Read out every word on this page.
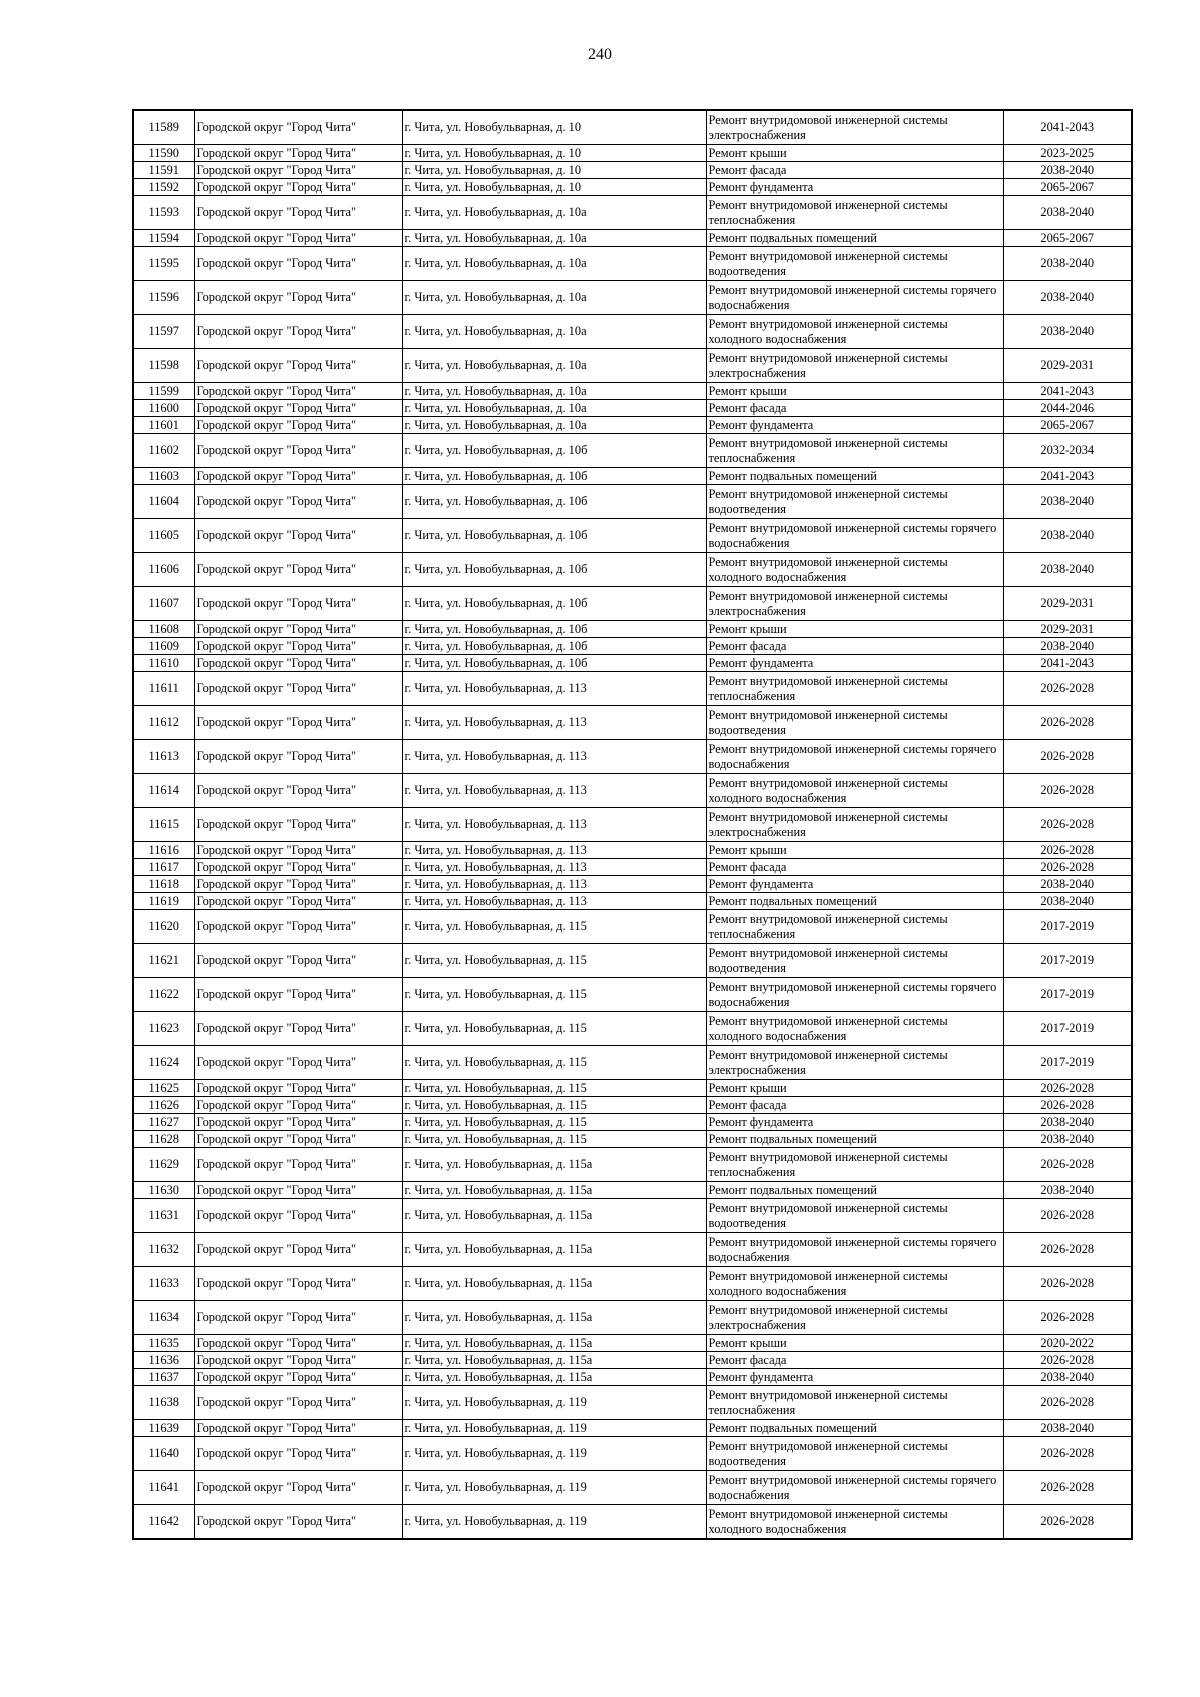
240
11589	Городской округ "Город Чита"	г. Чита, ул. Новобульварная, д. 10	Ремонт внутридомовой инженерной системы электроснабжения	2041-2043
11590	Городской округ "Город Чита"	г. Чита, ул. Новобульварная, д. 10	Ремонт крыши	2023-2025
11591	Городской округ "Город Чита"	г. Чита, ул. Новобульварная, д. 10	Ремонт фасада	2038-2040
11592	Городской округ "Город Чита"	г. Чита, ул. Новобульварная, д. 10	Ремонт фундамента	2065-2067
11593	Городской округ "Город Чита"	г. Чита, ул. Новобульварная, д. 10а	Ремонт внутридомовой инженерной системы теплоснабжения	2038-2040
11594	Городской округ "Город Чита"	г. Чита, ул. Новобульварная, д. 10а	Ремонт подвальных помещений	2065-2067
11595	Городской округ "Город Чита"	г. Чита, ул. Новобульварная, д. 10а	Ремонт внутридомовой инженерной системы водоотведения	2038-2040
11596	Городской округ "Город Чита"	г. Чита, ул. Новобульварная, д. 10а	Ремонт внутридомовой инженерной системы горячего водоснабжения	2038-2040
11597	Городской округ "Город Чита"	г. Чита, ул. Новобульварная, д. 10а	Ремонт внутридомовой инженерной системы холодного водоснабжения	2038-2040
11598	Городской округ "Город Чита"	г. Чита, ул. Новобульварная, д. 10а	Ремонт внутридомовой инженерной системы электроснабжения	2029-2031
11599	Городской округ "Город Чита"	г. Чита, ул. Новобульварная, д. 10а	Ремонт крыши	2041-2043
11600	Городской округ "Город Чита"	г. Чита, ул. Новобульварная, д. 10а	Ремонт фасада	2044-2046
11601	Городской округ "Город Чита"	г. Чита, ул. Новобульварная, д. 10а	Ремонт фундамента	2065-2067
11602	Городской округ "Город Чита"	г. Чита, ул. Новобульварная, д. 10б	Ремонт внутридомовой инженерной системы теплоснабжения	2032-2034
11603	Городской округ "Город Чита"	г. Чита, ул. Новобульварная, д. 10б	Ремонт подвальных помещений	2041-2043
11604	Городской округ "Город Чита"	г. Чита, ул. Новобульварная, д. 10б	Ремонт внутридомовой инженерной системы водоотведения	2038-2040
11605	Городской округ "Город Чита"	г. Чита, ул. Новобульварная, д. 10б	Ремонт внутридомовой инженерной системы горячего водоснабжения	2038-2040
11606	Городской округ "Город Чита"	г. Чита, ул. Новобульварная, д. 10б	Ремонт внутридомовой инженерной системы холодного водоснабжения	2038-2040
11607	Городской округ "Город Чита"	г. Чита, ул. Новобульварная, д. 10б	Ремонт внутридомовой инженерной системы электроснабжения	2029-2031
11608	Городской округ "Город Чита"	г. Чита, ул. Новобульварная, д. 10б	Ремонт крыши	2029-2031
11609	Городской округ "Город Чита"	г. Чита, ул. Новобульварная, д. 10б	Ремонт фасада	2038-2040
11610	Городской округ "Город Чита"	г. Чита, ул. Новобульварная, д. 10б	Ремонт фундамента	2041-2043
11611	Городской округ "Город Чита"	г. Чита, ул. Новобульварная, д. 113	Ремонт внутридомовой инженерной системы теплоснабжения	2026-2028
11612	Городской округ "Город Чита"	г. Чита, ул. Новобульварная, д. 113	Ремонт внутридомовой инженерной системы водоотведения	2026-2028
11613	Городской округ "Город Чита"	г. Чита, ул. Новобульварная, д. 113	Ремонт внутридомовой инженерной системы горячего водоснабжения	2026-2028
11614	Городской округ "Город Чита"	г. Чита, ул. Новобульварная, д. 113	Ремонт внутридомовой инженерной системы холодного водоснабжения	2026-2028
11615	Городской округ "Город Чита"	г. Чита, ул. Новобульварная, д. 113	Ремонт внутридомовой инженерной системы электроснабжения	2026-2028
11616	Городской округ "Город Чита"	г. Чита, ул. Новобульварная, д. 113	Ремонт крыши	2026-2028
11617	Городской округ "Город Чита"	г. Чита, ул. Новобульварная, д. 113	Ремонт фасада	2026-2028
11618	Городской округ "Город Чита"	г. Чита, ул. Новобульварная, д. 113	Ремонт фундамента	2038-2040
11619	Городской округ "Город Чита"	г. Чита, ул. Новобульварная, д. 113	Ремонт подвальных помещений	2038-2040
11620	Городской округ "Город Чита"	г. Чита, ул. Новобульварная, д. 115	Ремонт внутридомовой инженерной системы теплоснабжения	2017-2019
11621	Городской округ "Город Чита"	г. Чита, ул. Новобульварная, д. 115	Ремонт внутридомовой инженерной системы водоотведения	2017-2019
11622	Городской округ "Город Чита"	г. Чита, ул. Новобульварная, д. 115	Ремонт внутридомовой инженерной системы горячего водоснабжения	2017-2019
11623	Городской округ "Город Чита"	г. Чита, ул. Новобульварная, д. 115	Ремонт внутридомовой инженерной системы холодного водоснабжения	2017-2019
11624	Городской округ "Город Чита"	г. Чита, ул. Новобульварная, д. 115	Ремонт внутридомовой инженерной системы электроснабжения	2017-2019
11625	Городской округ "Город Чита"	г. Чита, ул. Новобульварная, д. 115	Ремонт крыши	2026-2028
11626	Городской округ "Город Чита"	г. Чита, ул. Новобульварная, д. 115	Ремонт фасада	2026-2028
11627	Городской округ "Город Чита"	г. Чита, ул. Новобульварная, д. 115	Ремонт фундамента	2038-2040
11628	Городской округ "Город Чита"	г. Чита, ул. Новобульварная, д. 115	Ремонт подвальных помещений	2038-2040
11629	Городской округ "Город Чита"	г. Чита, ул. Новобульварная, д. 115а	Ремонт внутридомовой инженерной системы теплоснабжения	2026-2028
11630	Городской округ "Город Чита"	г. Чита, ул. Новобульварная, д. 115а	Ремонт подвальных помещений	2038-2040
11631	Городской округ "Город Чита"	г. Чита, ул. Новобульварная, д. 115а	Ремонт внутридомовой инженерной системы водоотведения	2026-2028
11632	Городской округ "Город Чита"	г. Чита, ул. Новобульварная, д. 115а	Ремонт внутридомовой инженерной системы горячего водоснабжения	2026-2028
11633	Городской округ "Город Чита"	г. Чита, ул. Новобульварная, д. 115а	Ремонт внутридомовой инженерной системы холодного водоснабжения	2026-2028
11634	Городской округ "Город Чита"	г. Чита, ул. Новобульварная, д. 115а	Ремонт внутридомовой инженерной системы электроснабжения	2026-2028
11635	Городской округ "Город Чита"	г. Чита, ул. Новобульварная, д. 115а	Ремонт крыши	2020-2022
11636	Городской округ "Город Чита"	г. Чита, ул. Новобульварная, д. 115а	Ремонт фасада	2026-2028
11637	Городской округ "Город Чита"	г. Чита, ул. Новобульварная, д. 115а	Ремонт фундамента	2038-2040
11638	Городской округ "Город Чита"	г. Чита, ул. Новобульварная, д. 119	Ремонт внутридомовой инженерной системы теплоснабжения	2026-2028
11639	Городской округ "Город Чита"	г. Чита, ул. Новобульварная, д. 119	Ремонт подвальных помещений	2038-2040
11640	Городской округ "Город Чита"	г. Чита, ул. Новобульварная, д. 119	Ремонт внутридомовой инженерной системы водоотведения	2026-2028
11641	Городской округ "Город Чита"	г. Чита, ул. Новобульварная, д. 119	Ремонт внутридомовой инженерной системы горячего водоснабжения	2026-2028
11642	Городской округ "Город Чита"	г. Чита, ул. Новобульварная, д. 119	Ремонт внутридомовой инженерной системы холодного водоснабжения	2026-2028
